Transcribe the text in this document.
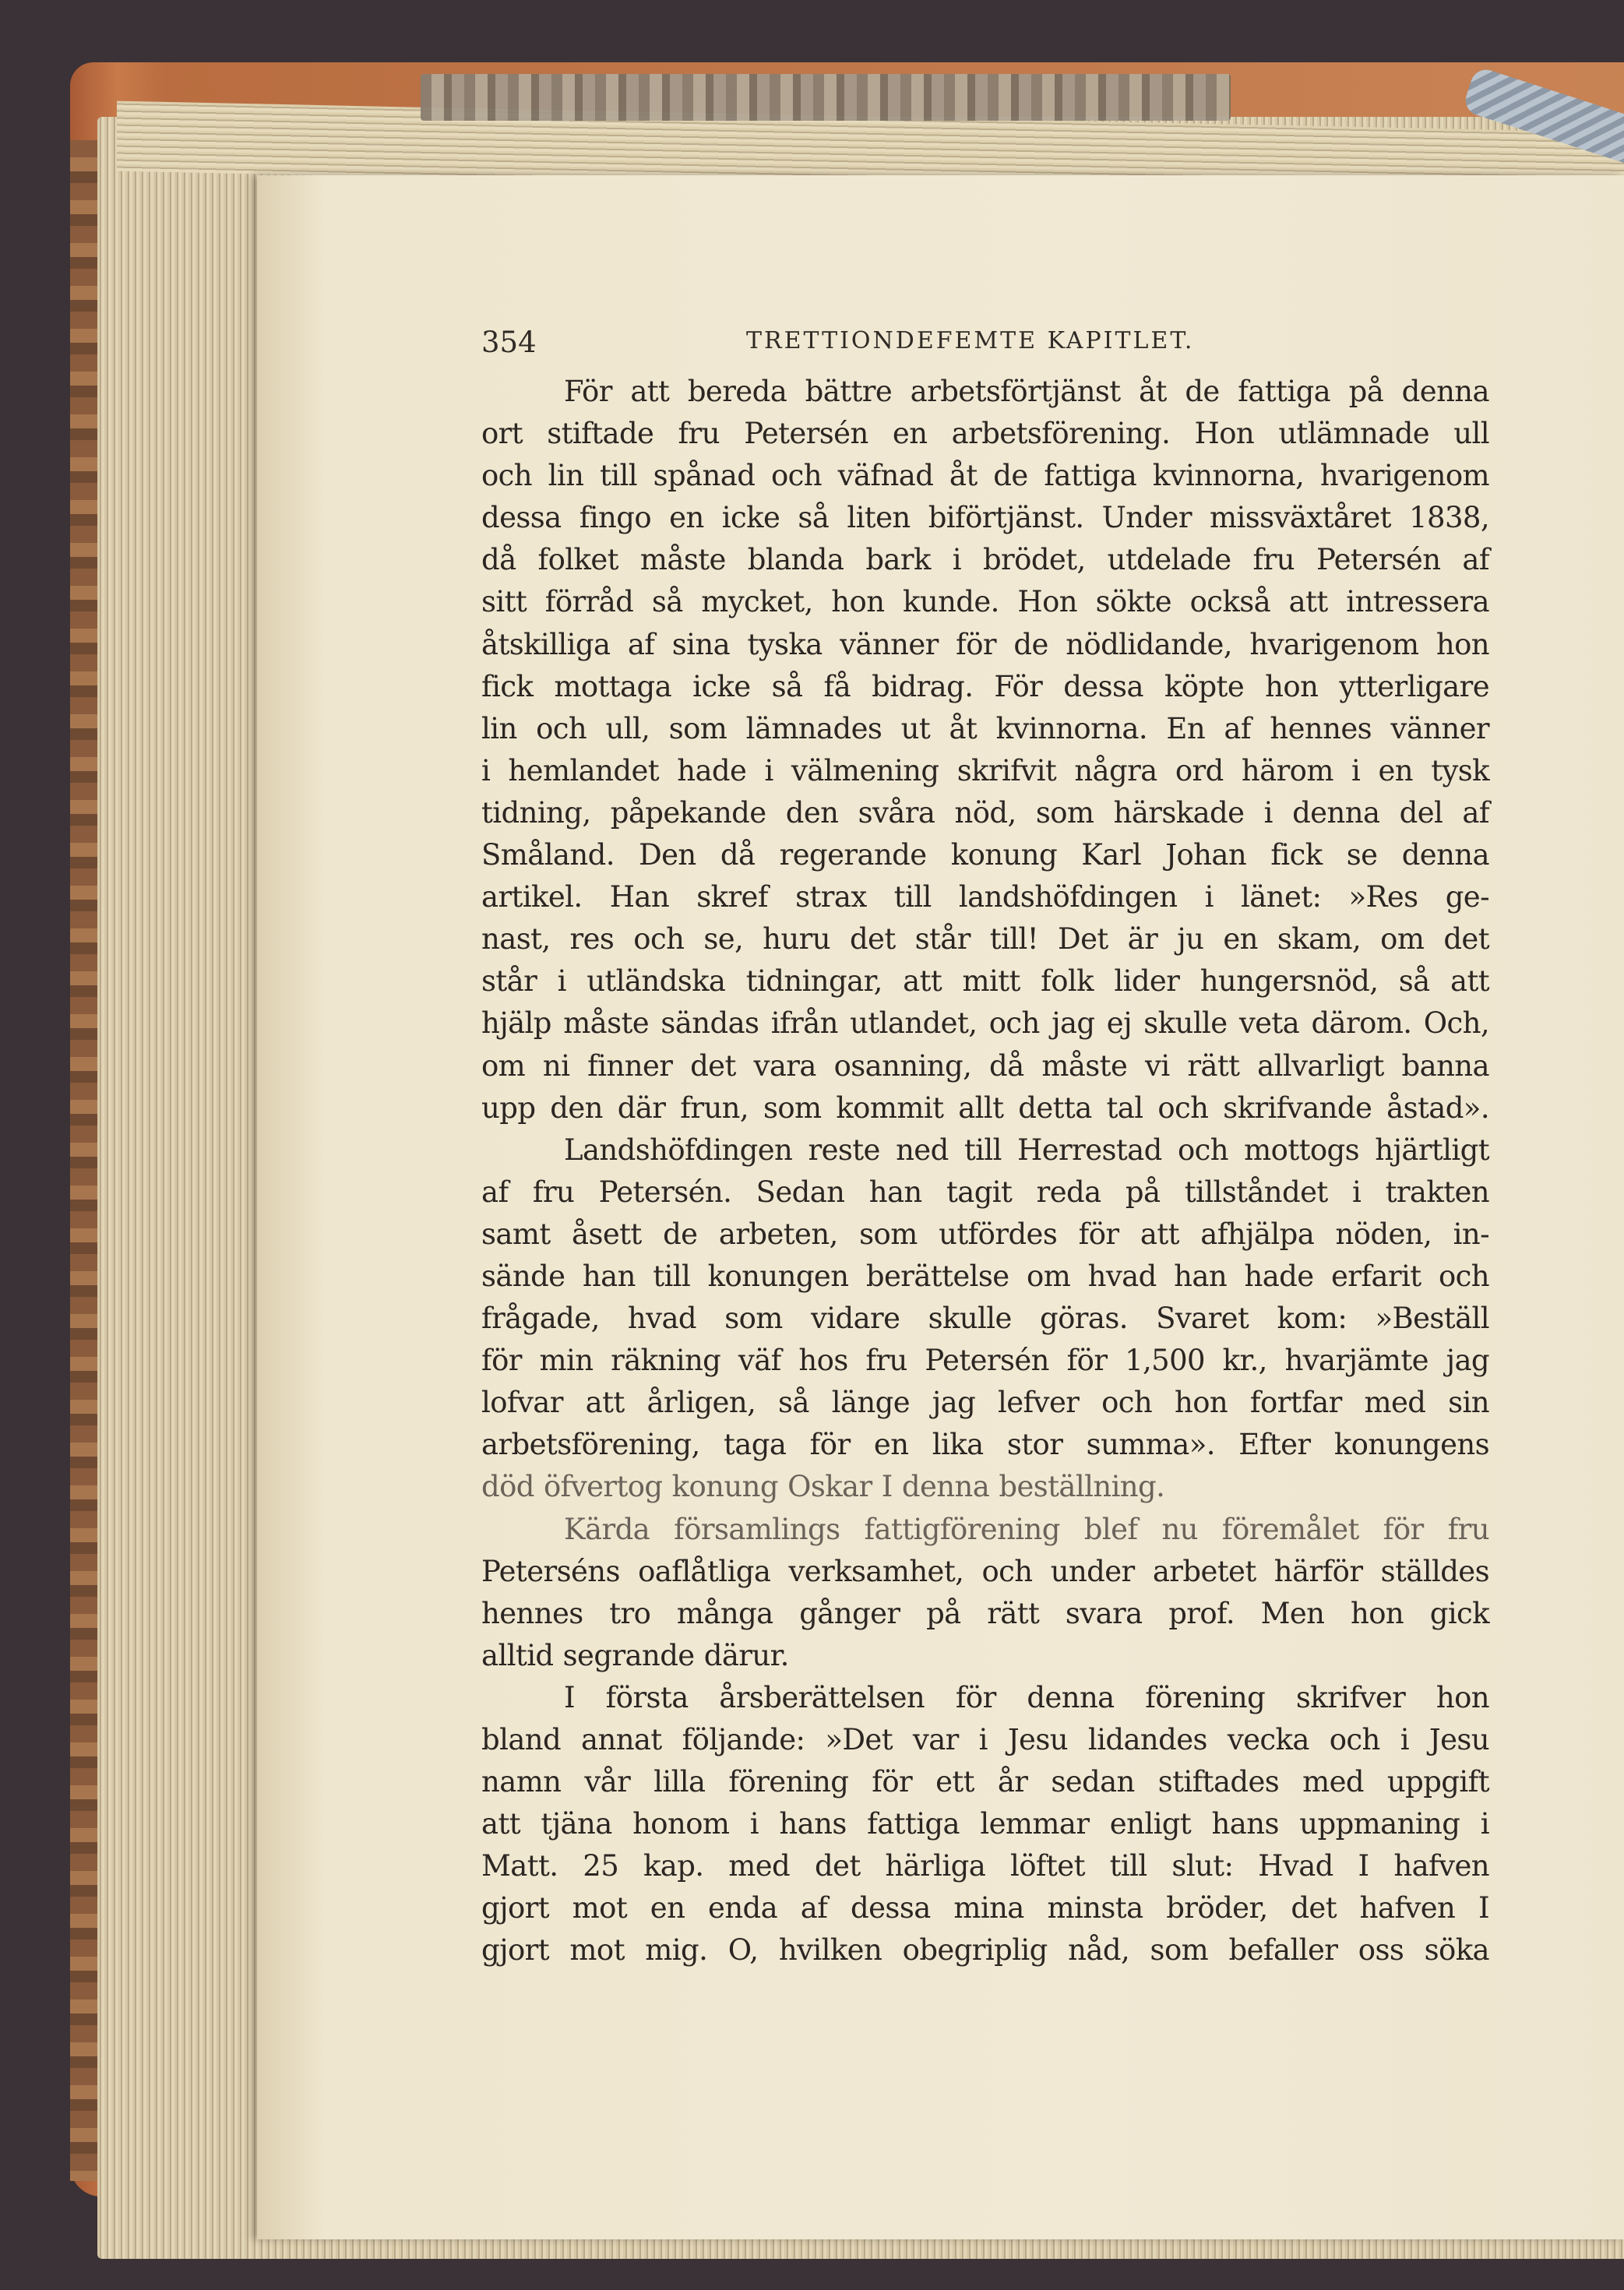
354	TRETTIONDEFEMTE KAPITLET.
För att bereda bättre arbetsförtjänst åt de fattiga på denna
ort stiftade fru Petersén en arbetsförening. Hon utlämnade ull
och lin till spånad och väfnad åt de fattiga kvinnorna, hvarigenom
dessa fingo en icke så liten biförtjänst. Under missväxtåret 1838,
då folket måste blanda bark i brödet, utdelade fru Petersén af
sitt förråd så mycket, hon kunde. Hon sökte också att intressera
åtskilliga af sina tyska vänner för de nödlidande, hvarigenom hon
fick mottaga icke så få bidrag. För dessa köpte hon ytterligare
lin och ull, som lämnades ut åt kvinnorna. En af hennes vänner
i hemlandet hade i välmening skrifvit några ord härom i en tysk
tidning, påpekande den svåra nöd, som härskade i denna del af
Småland. Den då regerande konung Karl Johan fick se denna
artikel. Han skref strax till landshöfdingen i länet: »Res ge-
nast, res och se, huru det står till! Det är ju en skam, om det
står i utländska tidningar, att mitt folk lider hungersnöd, så att
hjälp måste sändas ifrån utlandet, och jag ej skulle veta därom. Och,
om ni finner det vara osanning, då måste vi rätt allvarligt banna
upp den där frun, som kommit allt detta tal och skrifvande åstad».
Landshöfdingen reste ned till Herrestad och mottogs hjärtligt
af fru Petersén. Sedan han tagit reda på tillståndet i trakten
samt åsett de arbeten, som utfördes för att afhjälpa nöden, in-
sände han till konungen berättelse om hvad han hade erfarit och
frågade, hvad som vidare skulle göras. Svaret kom: »Beställ
för min räkning väf hos fru Petersén för 1,500 kr., hvarjämte jag
lofvar att årligen, så länge jag lefver och hon fortfar med sin
arbetsförening, taga för en lika stor summa». Efter konungens
död öfvertog konung Oskar I denna beställning.
Kärda församlings fattigförening blef nu föremålet för fru
Peterséns oaflåtliga verksamhet, och under arbetet härför ställdes
hennes tro många gånger på rätt svara prof. Men hon gick
alltid segrande därur.
I första årsberättelsen för denna förening skrifver hon
bland annat följande: »Det var i Jesu lidandes vecka och i Jesu
namn vår lilla förening för ett år sedan stiftades med uppgift
att tjäna honom i hans fattiga lemmar enligt hans uppmaning i
Matt. 25 kap. med det härliga löftet till slut: Hvad I hafven
gjort mot en enda af dessa mina minsta bröder, det hafven I
gjort mot mig. O, hvilken obegriplig nåd, som befaller oss söka
